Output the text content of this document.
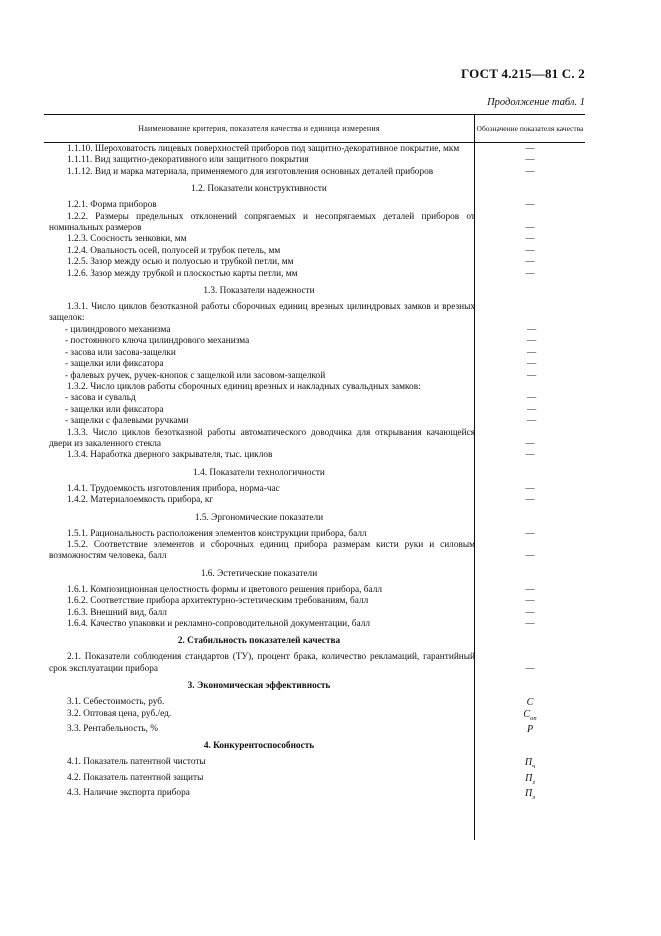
ГОСТ 4.215—81 С. 2
Продолжение табл. 1
Наименование критерия, показателя качества и единица измерения	Обозначение показателя качества
1.1.10. Шероховатость лицевых поверхностей приборов под защитно-декоративное покрытие, мкм	—
1.1.11. Вид защитно-декоративного или защитного покрытия	—
1.1.12. Вид и марка материала, применяемого для изготовления основных деталей приборов	—
1.2. Показатели конструктивности
1.2.1. Форма приборов	—
1.2.2. Размеры предельных отклонений сопрягаемых и несопрягаемых деталей приборов от номинальных размеров	—
1.2.3. Соосность зенковки, мм	—
1.2.4. Овальность осей, полуосей и трубок петель, мм	—
1.2.5. Зазор между осью и полуосью и трубкой петли, мм	—
1.2.6. Зазор между трубкой и плоскостью карты петли, мм	—
1.3. Показатели надежности
1.3.1. Число циклов безотказной работы сборочных единиц врезных цилиндровых замков и врезных защелок:
- цилиндрового механизма	—
- постоянного ключа цилиндрового механизма	—
- засова или засова-защелки	—
- защелки или фиксатора	—
- фалевых ручек, ручек-кнопок с защелкой или засовом-защелкой	—
1.3.2. Число циклов работы сборочных единиц врезных и накладных сувальдных замков:
- засова и сувальд	—
- защелки или фиксатора	—
- защелки с фалевыми ручками	—
1.3.3. Число циклов безотказной работы автоматического доводчика для открывания качающейся двери из закаленного стекла	—
1.3.4. Наработка дверного закрывателя, тыс. циклов	—
1.4. Показатели технологичности
1.4.1. Трудоемкость изготовления прибора, норма-час	—
1.4.2. Материалоемкость прибора, кг	—
1.5. Эргономические показатели
1.5.1. Рациональность расположения элементов конструкции прибора, балл	—
1.5.2. Соответствие элементов и сборочных единиц прибора размерам кисти руки и силовым возможностям человека, балл	—
1.6. Эстетические показатели
1.6.1. Композиционная целостность формы и цветового решения прибора, балл	—
1.6.2. Соответствие прибора архитектурно-эстетическим требованиям, балл	—
1.6.3. Внешний вид, балл	—
1.6.4. Качество упаковки и рекламно-сопроводительной документации, балл	—
2. Стабильность показателей качества
2.1. Показатели соблюдения стандартов (ТУ), процент брака, количество рекламаций, гарантийный срок эксплуатации прибора	—
3. Экономическая эффективность
3.1. Себестоимость, руб.	C
3.2. Оптовая цена, руб./ед.	$C_{оп}$
3.3. Рентабельность, %	P
4. Конкурентоспособность
4.1. Показатель патентной чистоты	$П_ч$
4.2. Показатель патентной защиты	$П_з$
4.3. Наличие экспорта прибора	$П_э$
